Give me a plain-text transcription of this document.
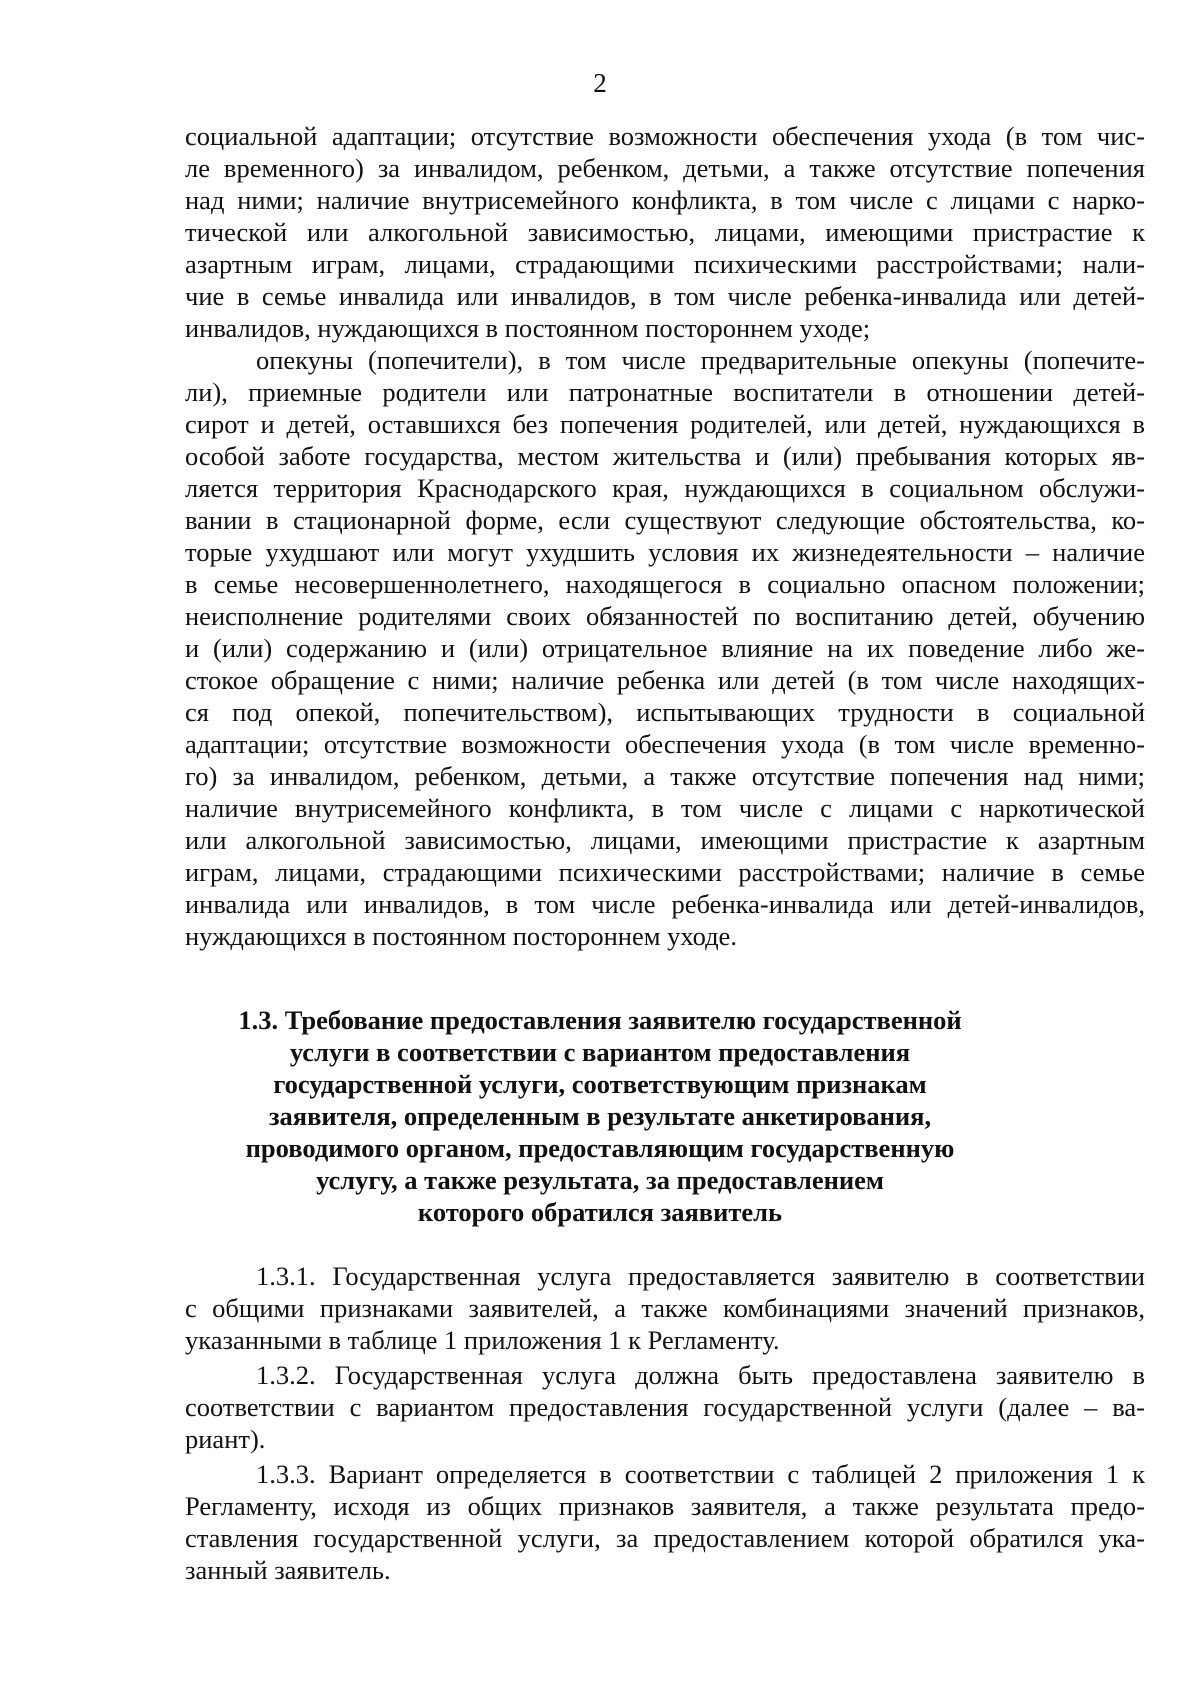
2
социальной адаптации; отсутствие возможности обеспечения ухода (в том чис-
ле временного) за инвалидом, ребенком, детьми, а также отсутствие попечения
над ними; наличие внутрисемейного конфликта, в том числе с лицами с нарко-
тической или алкогольной зависимостью, лицами, имеющими пристрастие к
азартным играм, лицами, страдающими психическими расстройствами; нали-
чие в семье инвалида или инвалидов, в том числе ребенка-инвалида или детей-
инвалидов, нуждающихся в постоянном постороннем уходе;
опекуны (попечители), в том числе предварительные опекуны (попечите-
ли), приемные родители или патронатные воспитатели в отношении детей-
сирот и детей, оставшихся без попечения родителей, или детей, нуждающихся в
особой заботе государства, местом жительства и (или) пребывания которых яв-
ляется территория Краснодарского края, нуждающихся в социальном обслужи-
вании в стационарной форме, если существуют следующие обстоятельства, ко-
торые ухудшают или могут ухудшить условия их жизнедеятельности – наличие
в семье несовершеннолетнего, находящегося в социально опасном положении;
неисполнение родителями своих обязанностей по воспитанию детей, обучению
и (или) содержанию и (или) отрицательное влияние на их поведение либо же-
стокое обращение с ними; наличие ребенка или детей (в том числе находящих-
ся под опекой, попечительством), испытывающих трудности в социальной
адаптации; отсутствие возможности обеспечения ухода (в том числе временно-
го) за инвалидом, ребенком, детьми, а также отсутствие попечения над ними;
наличие внутрисемейного конфликта, в том числе с лицами с наркотической
или алкогольной зависимостью, лицами, имеющими пристрастие к азартным
играм, лицами, страдающими психическими расстройствами; наличие в семье
инвалида или инвалидов, в том числе ребенка-инвалида или детей-инвалидов,
нуждающихся в постоянном постороннем уходе.
1.3. Требование предоставления заявителю государственной
услуги в соответствии с вариантом предоставления
государственной услуги, соответствующим признакам
заявителя, определенным в результате анкетирования,
проводимого органом, предоставляющим государственную
услугу, а также результата, за предоставлением
которого обратился заявитель
1.3.1. Государственная услуга предоставляется заявителю в соответствии
с общими признаками заявителей, а также комбинациями значений признаков,
указанными в таблице 1 приложения 1 к Регламенту.
1.3.2. Государственная услуга должна быть предоставлена заявителю в
соответствии с вариантом предоставления государственной услуги (далее – ва-
риант).
1.3.3. Вариант определяется в соответствии с таблицей 2 приложения 1 к
Регламенту, исходя из общих признаков заявителя, а также результата предо-
ставления государственной услуги, за предоставлением которой обратился ука-
занный заявитель.
